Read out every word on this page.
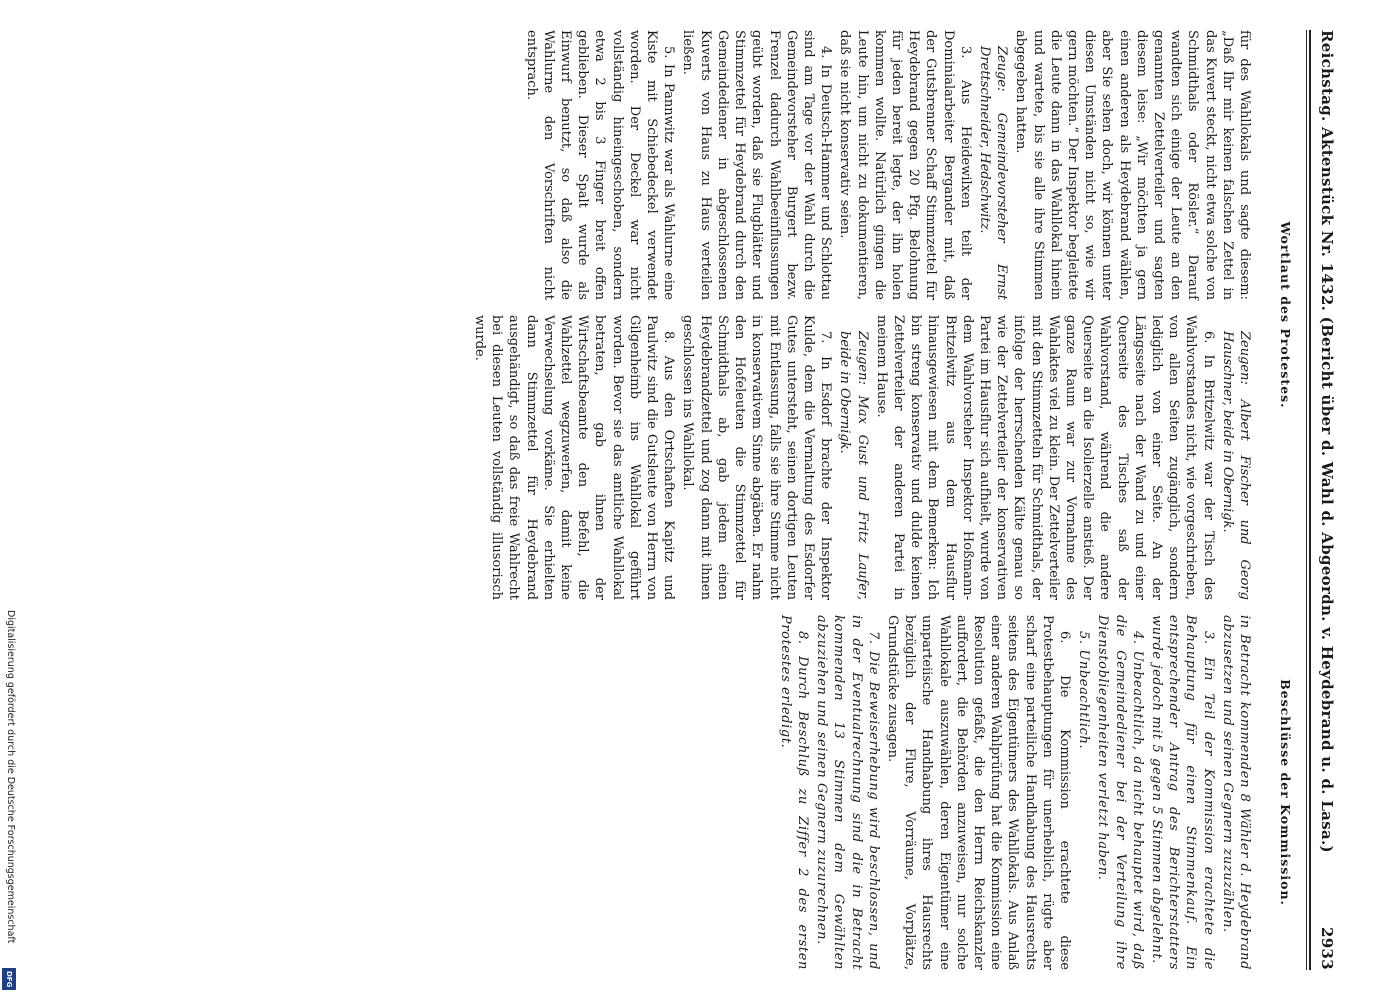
Reichstag. Aktenstück Nr. 1432. (Bericht über d. Wahl d. Abgeordn. v. Heydebrand u. d. Lasa.)
2933
Wortlaut des Protestes.
Beschlüsse der Kommission.

für des Wahllokals und sagte diesem: „Daß Ihr mir keinen falschen Zettel in das Kuvert steckt, nicht etwa solche von Schmidthals oder Rösler.“ Darauf wandten sich einige der Leute an den genannten Zettelverteiler und sagten diesem leise: „Wir möchten ja gern einen anderen als Heydebrand wählen, aber Sie sehen doch, wir können unter diesen Umständen nicht so, wie wir gern möchten.“ Der Inspektor begleitete die Leute dann in das Wahllokal hinein und wartete, bis sie alle ihre Stimmen abgegeben hatten.

Zeuge: Gemeindevorsteher Ernst Drettschneider, Hedschwitz.

3. Aus Heidewilxen teilt der Dominialarbeiter Bergander mit, daß der Gutsbrenner Schaff Stimmzettel für Heydebrand gegen 20 Pfg. Belohnung für jeden bereit legte, der ihn holen kommen wollte. Natürlich gingen die Leute hin, um nicht zu dokumentieren, daß sie nicht konservativ seien.

4. In Deutsch-Hammer und Schlottau sind am Tage vor der Wahl durch die Gemeindevorsteher Burgert bezw. Frenzel dadurch Wahlbeeinflussungen geübt worden, daß sie Flugblätter und Stimmzettel für Heydebrand durch den Gemeindediener in abgeschlossenen Kuverts von Haus zu Haus verteilen ließen.

5. In Pannwitz war als Wahlurne eine Kiste mit Schiebedeckel verwendet worden. Der Deckel war nicht vollständig hineingeschoben, sondern etwa 2 bis 3 Finger breit offen geblieben. Dieser Spalt wurde als Einwurf benutzt, so daß also die Wahlurne den Vorschriften nicht entsprach.

Zeugen: Albert Fischer und Georg Hauschner, beide in Obernigk.

6. In Britzelwitz war der Tisch des Wahlvorstandes nicht, wie vorgeschrieben, von allen Seiten zugänglich, sondern lediglich von einer Seite. An der Längsseite nach der Wand zu und einer Querseite des Tisches saß der Wahlvorstand, während die andere Querseite an die Isolierzelle anstieß. Der ganze Raum war zur Vornahme des Wahlaktes viel zu klein. Der Zettelverteiler mit den Stimmzetteln für Schmidthals, der infolge der herrschenden Kälte genau so wie der Zettelverteiler der konservativen Partei im Hausflur sich aufhielt, wurde von dem Wahlvorsteher Inspektor Hoßmann-Britzelwitz aus dem Hausflur hinausgewiesen mit dem Bemerken: Ich bin streng konservativ und dulde keinen Zettelverteiler der anderen Partei in meinem Hause.

Zeugen: Max Gust und Fritz Laufer, beide in Obernigk.

7. In Esdorf brachte der Inspektor Kulde, dem die Vermaltung des Esdorfer Gutes untersteht, seinen dortigen Leuten mit Entlassung, falls sie ihre Stimme nicht in konservativem Sinne abgäben. Er nahm den Hofeleuten die Stimmzettel für Schmidthals ab, gab jedem einen Heydebrandzettel und zog dann mit ihnen geschlossen ins Wahllokal.

8. Aus den Ortschaften Kapitz und Paulwitz sind die Gutsleute von Herrn von Gilgenheimb ins Wahllokal geführt worden. Bevor sie das amtliche Wahllokal betraten, gab ihnen der Wirtschaftsbeamte den Befehl, die Wahlzettel wegzuwerfen, damit keine Verwechselung vorkäme. Sie erhielten dann Stimmzettel für Heydebrand ausgehändigt, so daß das freie Wahlrecht bei diesen Leuten vollständig illusorisch wurde.

in Betracht kommenden 8 Wähler d. Heydebrand abzusetzen und seinen Gegnern zuzuzählen.

3. Ein Teil der Kommission erachtete die Behauptung für einen Stimmenkauf. Ein entsprechender Antrag des Berichterstatters wurde jedoch mit 5 gegen 5 Stimmen abgelehnt.

4. Unbeachtlich, da nicht behauptet wird, daß die Gemeindediener bei der Verteilung ihre Dienstobliegenheiten verletzt haben.

5. Unbeachtlich.

6. Die Kommission erachtete diese Protestbehauptungen für unerheblich, rügte aber scharf eine parteiliche Handhabung des Hausrechts seitens des Eigentümers des Wahllokals. Aus Anlaß einer anderen Wahlprüfung hat die Kommission eine Resolution gefaßt, die den Herrn Reichskanzler auffordert, die Behörden anzuweisen, nur solche Wahllokale auszuwählen, deren Eigentümer eine unparteiische Handhabung ihres Hausrechts bezüglich der Flure, Vorräume, Vorplätze, Grundstücke zusagen.

7. Die Beweiserhebung wird beschlossen, und in der Eventualrechnung sind die in Betracht kommenden 13 Stimmen dem Gewählten abzuziehen und seinen Gegnern zuzurechnen.

8. Durch Beschluß zu Ziffer 2 des ersten Protestes erledigt.

Digitalisierung gefördert durch die Deutsche Forschungsgemeinschaft
DFG
